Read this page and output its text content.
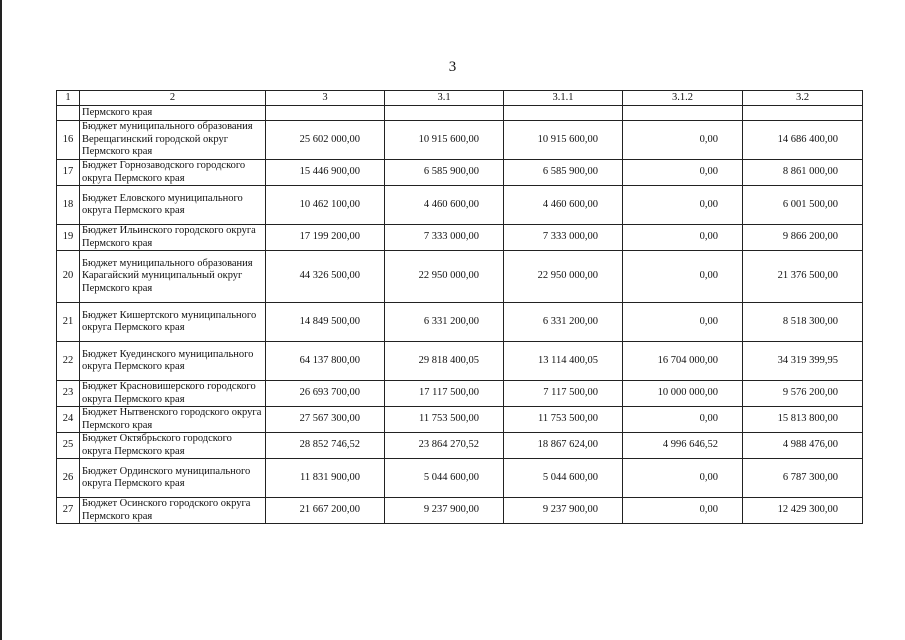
3
1	2	3	3.1	3.1.1	3.1.2	3.2
	Пермского края					
16	Бюджет муниципального образования Верещагинский городской округ Пермского края	25 602 000,00	10 915 600,00	10 915 600,00	0,00	14 686 400,00
17	Бюджет Горнозаводского городского округа Пермского края	15 446 900,00	6 585 900,00	6 585 900,00	0,00	8 861 000,00
18	Бюджет Еловского муниципального округа Пермского края	10 462 100,00	4 460 600,00	4 460 600,00	0,00	6 001 500,00
19	Бюджет Ильинского городского округа Пермского края	17 199 200,00	7 333 000,00	7 333 000,00	0,00	9 866 200,00
20	Бюджет муниципального образования Карагайский муниципальный округ Пермского края	44 326 500,00	22 950 000,00	22 950 000,00	0,00	21 376 500,00
21	Бюджет Кишертского муниципального округа Пермского края	14 849 500,00	6 331 200,00	6 331 200,00	0,00	8 518 300,00
22	Бюджет Куединского муниципального округа Пермского края	64 137 800,00	29 818 400,05	13 114 400,05	16 704 000,00	34 319 399,95
23	Бюджет Красновишерского городского округа Пермского края	26 693 700,00	17 117 500,00	7 117 500,00	10 000 000,00	9 576 200,00
24	Бюджет Нытвенского городского округа Пермского края	27 567 300,00	11 753 500,00	11 753 500,00	0,00	15 813 800,00
25	Бюджет Октябрьского городского округа Пермского края	28 852 746,52	23 864 270,52	18 867 624,00	4 996 646,52	4 988 476,00
26	Бюджет Ординского муниципального округа Пермского края	11 831 900,00	5 044 600,00	5 044 600,00	0,00	6 787 300,00
27	Бюджет Осинского городского округа Пермского края	21 667 200,00	9 237 900,00	9 237 900,00	0,00	12 429 300,00
